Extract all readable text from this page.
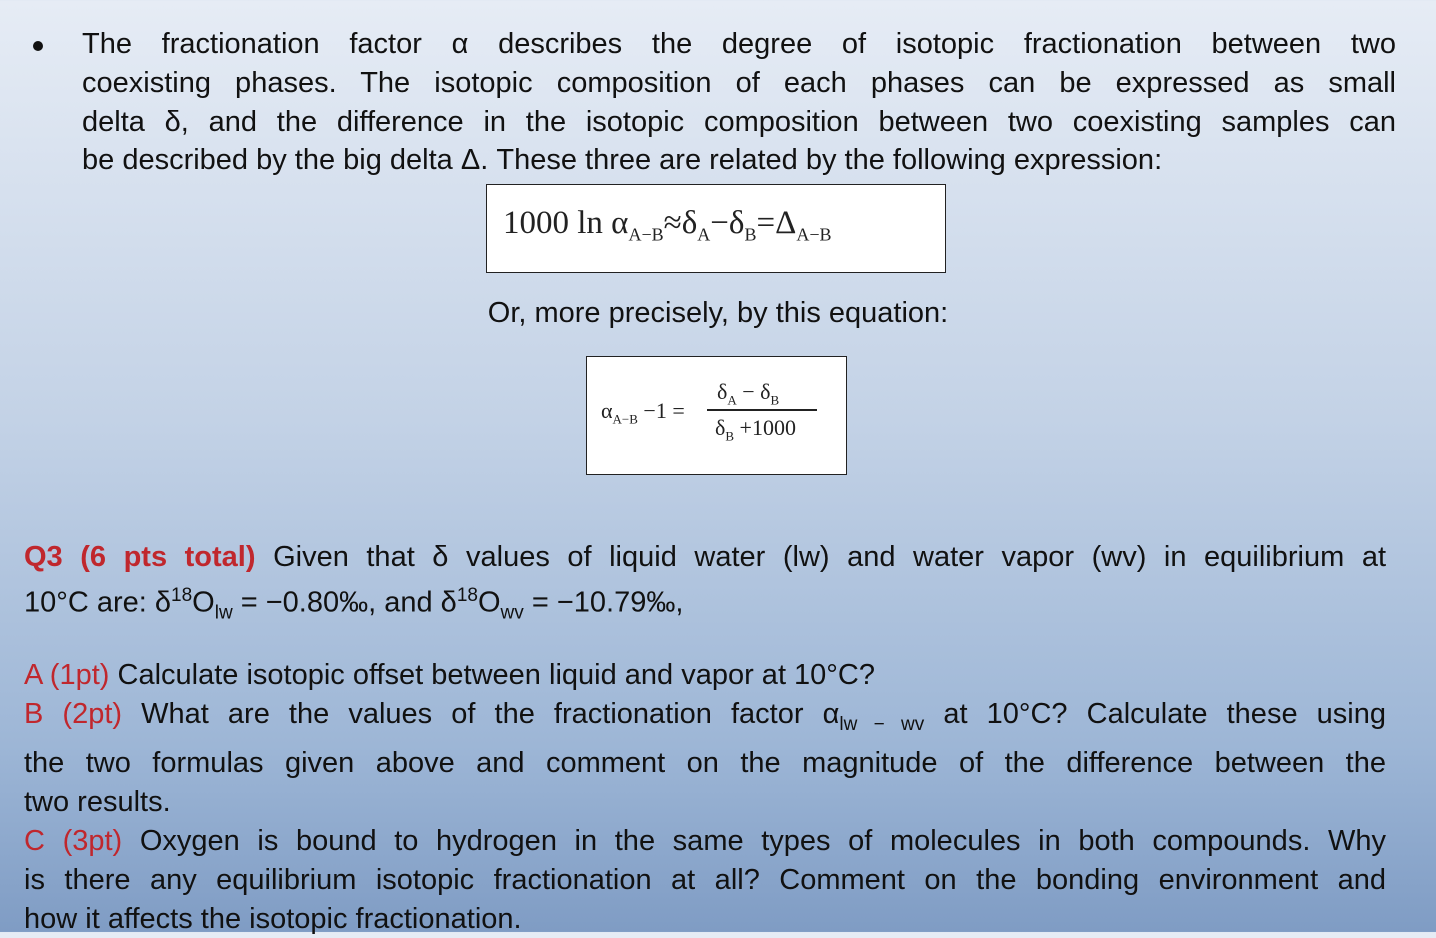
The fractionation factor α describes the degree of isotopic fractionation between two
coexisting phases. The isotopic composition of each phases can be expressed as small
delta δ, and the difference in the isotopic composition between two coexisting samples can
be described by the big delta Δ. These three are related by the following expression:
1000 $\ln \alpha_{A-B}\approx\delta_A-\delta_B=\Delta_{A-B}$
Or, more precisely, by this equation:
$\alpha_{A-B} -1$ =
$\delta_A - \delta_B$
$\delta_B +1000$
Q3 (6 pts total) Given that δ values of liquid water (lw) and water vapor (wv) in equilibrium at
10°C are: $\delta^{18}O_{lw}$ = −0.80‰, and $\delta^{18}O_{wv}$ = −10.79‰,
A (1pt) Calculate isotopic offset between liquid and vapor at 10°C?
B (2pt) What are the values of the fractionation factor $\alpha_{lw - wv}$ at 10°C? Calculate these using
the two formulas given above and comment on the magnitude of the difference between the
two results.
C (3pt) Oxygen is bound to hydrogen in the same types of molecules in both compounds. Why
is there any equilibrium isotopic fractionation at all? Comment on the bonding environment and
how it affects the isotopic fractionation.
